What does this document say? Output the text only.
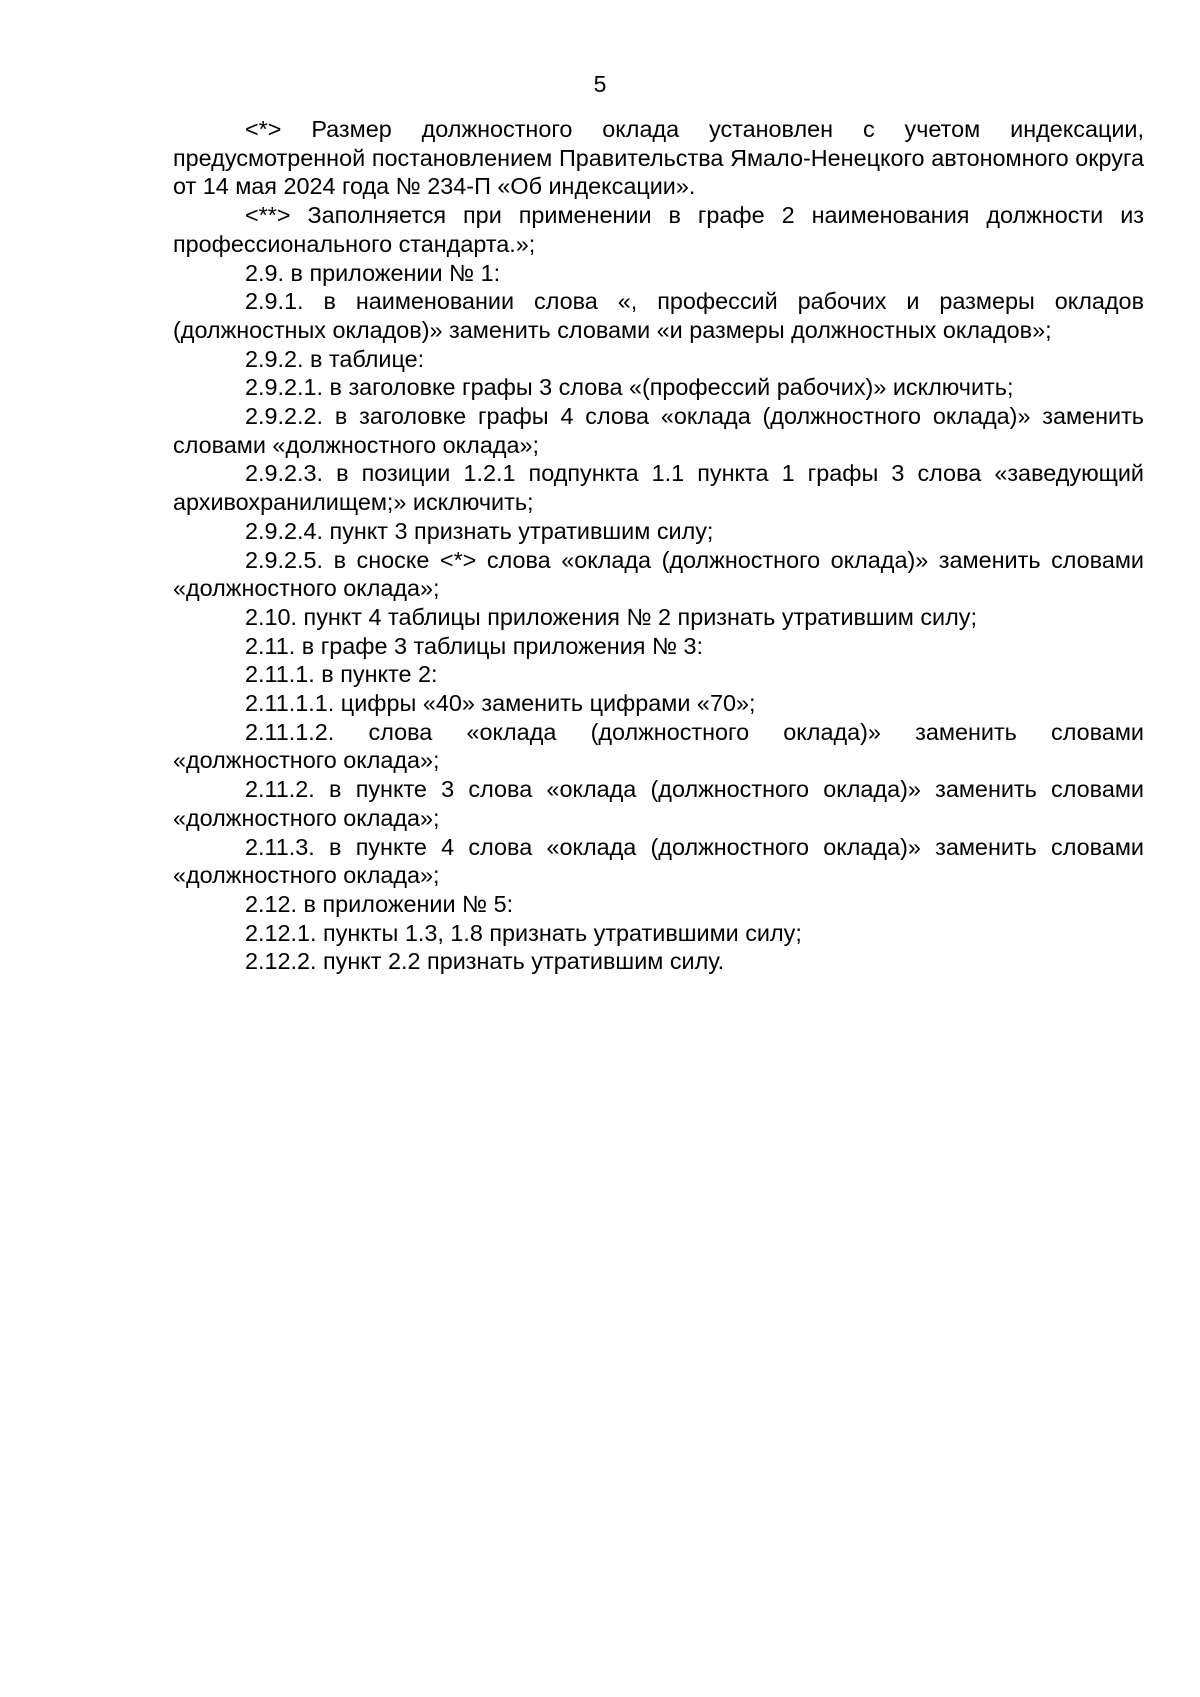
5

<*> Размер должностного оклада установлен с учетом индексации, предусмотренной постановлением Правительства Ямало-Ненецкого автономного округа от 14 мая 2024 года № 234-П «Об индексации».

<**> Заполняется при применении в графе 2 наименования должности из профессионального стандарта.»;

2.9. в приложении № 1:

2.9.1. в наименовании слова «, профессий рабочих и размеры окладов (должностных окладов)» заменить словами «и размеры должностных окладов»;

2.9.2. в таблице:

2.9.2.1. в заголовке графы 3 слова «(профессий рабочих)» исключить;

2.9.2.2. в заголовке графы 4 слова «оклада (должностного оклада)» заменить словами «должностного оклада»;

2.9.2.3. в позиции 1.2.1 подпункта 1.1 пункта 1 графы 3 слова «заведующий архивохранилищем;» исключить;

2.9.2.4. пункт 3 признать утратившим силу;

2.9.2.5. в сноске <*> слова «оклада (должностного оклада)» заменить словами «должностного оклада»;

2.10. пункт 4 таблицы приложения № 2 признать утратившим силу;

2.11. в графе 3 таблицы приложения № 3:

2.11.1. в пункте 2:

2.11.1.1. цифры «40» заменить цифрами «70»;

2.11.1.2. слова «оклада (должностного оклада)» заменить словами «должностного оклада»;

2.11.2. в пункте 3 слова «оклада (должностного оклада)» заменить словами «должностного оклада»;

2.11.3. в пункте 4 слова «оклада (должностного оклада)» заменить словами «должностного оклада»;

2.12. в приложении № 5:

2.12.1. пункты 1.3, 1.8 признать утратившими силу;

2.12.2. пункт 2.2 признать утратившим силу.
